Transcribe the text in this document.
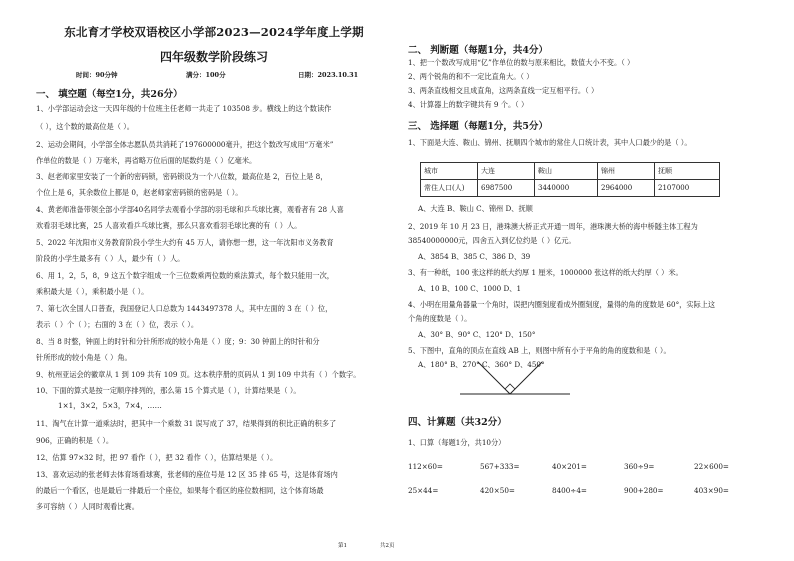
东北育才学校双语校区小学部2023—2024学年度上学期
四年级数学阶段练习
时间：90分钟	满分：100分	日期：2023.10.31
一、 填空题（每空1分，共26分）
1、小学部运动会这一天四年级的十位班主任老师一共走了 103508 步。横线上的这个数读作
（ ），这个数的最高位是（ ）。
2、运动会期间，小学部全体志愿队员共消耗了197600000毫升，把这个数改写成用“万毫米”
作单位的数是（ ）万毫米，再省略万位后面的尾数约是（ ）亿毫米。
3、赵老师家里安装了一个新的密码锁，密码锁设为一个八位数，最高位是 2，百位上是 8，
个位上是 6，其余数位上都是 0，赵老师家密码锁的密码是（ ）。
4、黄老师准备带领全部小学部40名同学去观看小学部的羽毛球和乒乓球比赛，观看者有 28 人喜
欢看羽毛球比赛，25 人喜欢看乒乓球比赛，那么只喜欢看羽毛球比赛的有（ ）人。
5、2022 年沈阳市义务教育阶段小学生大约有 45 万人，请你想一想，这一年沈阳市义务教育
阶段的小学生最多有（ ）人，最少有（ ）人。
6、用 1，2，5，8，9 这五个数字组成一个三位数乘两位数的乘法算式，每个数只能用一次，
乘积最大是（ ），乘积最小是（ ）。
7、第七次全国人口普查，我国登记人口总数为 1443497378 人，其中左面的 3 在（ ）位，
表示（ ）个（ ）；右面的 3 在（ ）位，表示（ ）。
8、当 8 时整，钟面上的时针和分针所形成的较小角是（ ）度；9：30 钟面上的时针和分
针所形成的较小角是（ ）角。
9、杭州亚运会的徽章从 1 到 109 共有 109 页。这本秩序册的页码从 1 到 109 中共有（ ）个数字。
10、下面的算式是按一定顺序排列的，那么第 15 个算式是（ ），计算结果是（ ）。
1×1，3×2，5×3，7×4，……
11、淘气在计算一道乘法时，把其中一个乘数 31 误写成了 37，结果得到的积比正确的积多了
906，正确的积是（ ）。
12、估算 97×32 时，把 97 看作（ ），把 32 看作（ ），估算结果是（ ）。
13、喜欢运动的张老师去体育场看球赛，张老师的座位号是 12 区 35 排 65 号，这是体育场内
的最后一个看区，也是最后一排最后一个座位，如果每个看区的座位数相同，这个体育场最
多可容纳（ ）人同时观看比赛。
第1
二、 判断题（每题1分，共4分）
1、把一个数改写成用“亿”作单位的数与原来相比，数值大小不变。（ ）
2、两个锐角的和不一定比直角大。（ ）
3、两条直线相交且成直角，这两条直线一定互相平行。（ ）
4、计算器上的数字键共有 9 个。（ ）
三、 选择题（每题1分，共5分）
1、下面是大连、鞍山、锦州、抚顺四个城市的常住人口统计表，其中人口最少的是（ ）。
城市	大连	鞍山	锦州	抚顺
常住人口(人)	6987500	3440000	2964000	2107000
A、大连 B、鞍山 C、锦州 D、抚顺
2、2019 年 10 月 23 日，港珠澳大桥正式开通一周年，港珠澳大桥的海中桥隧主体工程为
38540000000元，四舍五入到亿位约是（ ）亿元。
A、3854 B、385 C、386 D、39
3、有一种纸，100 张这样的纸大约厚 1 厘米，1000000 张这样的纸大约厚（ ）米。
A、10 B、100 C、1000 D、1
4、小明在用量角器量一个角时，误把内圈刻度看成外圈刻度，量得的角的度数是 60°，实际上这
个角的度数是（ ）。
A、30° B、90° C、120° D、150°
5、下图中，直角的顶点在直线 AB 上，则图中所有小于平角的角的度数和是（ ）。
A、180° B、270° C、360° D、450°
四、计算题（共32分）
1、口算（每题1分，共10分）
112×60=	567+333=	40×201=	360÷9=	22×600=
25×44=	420×50=	8400÷4=	900+280=	403×90=
共2页
